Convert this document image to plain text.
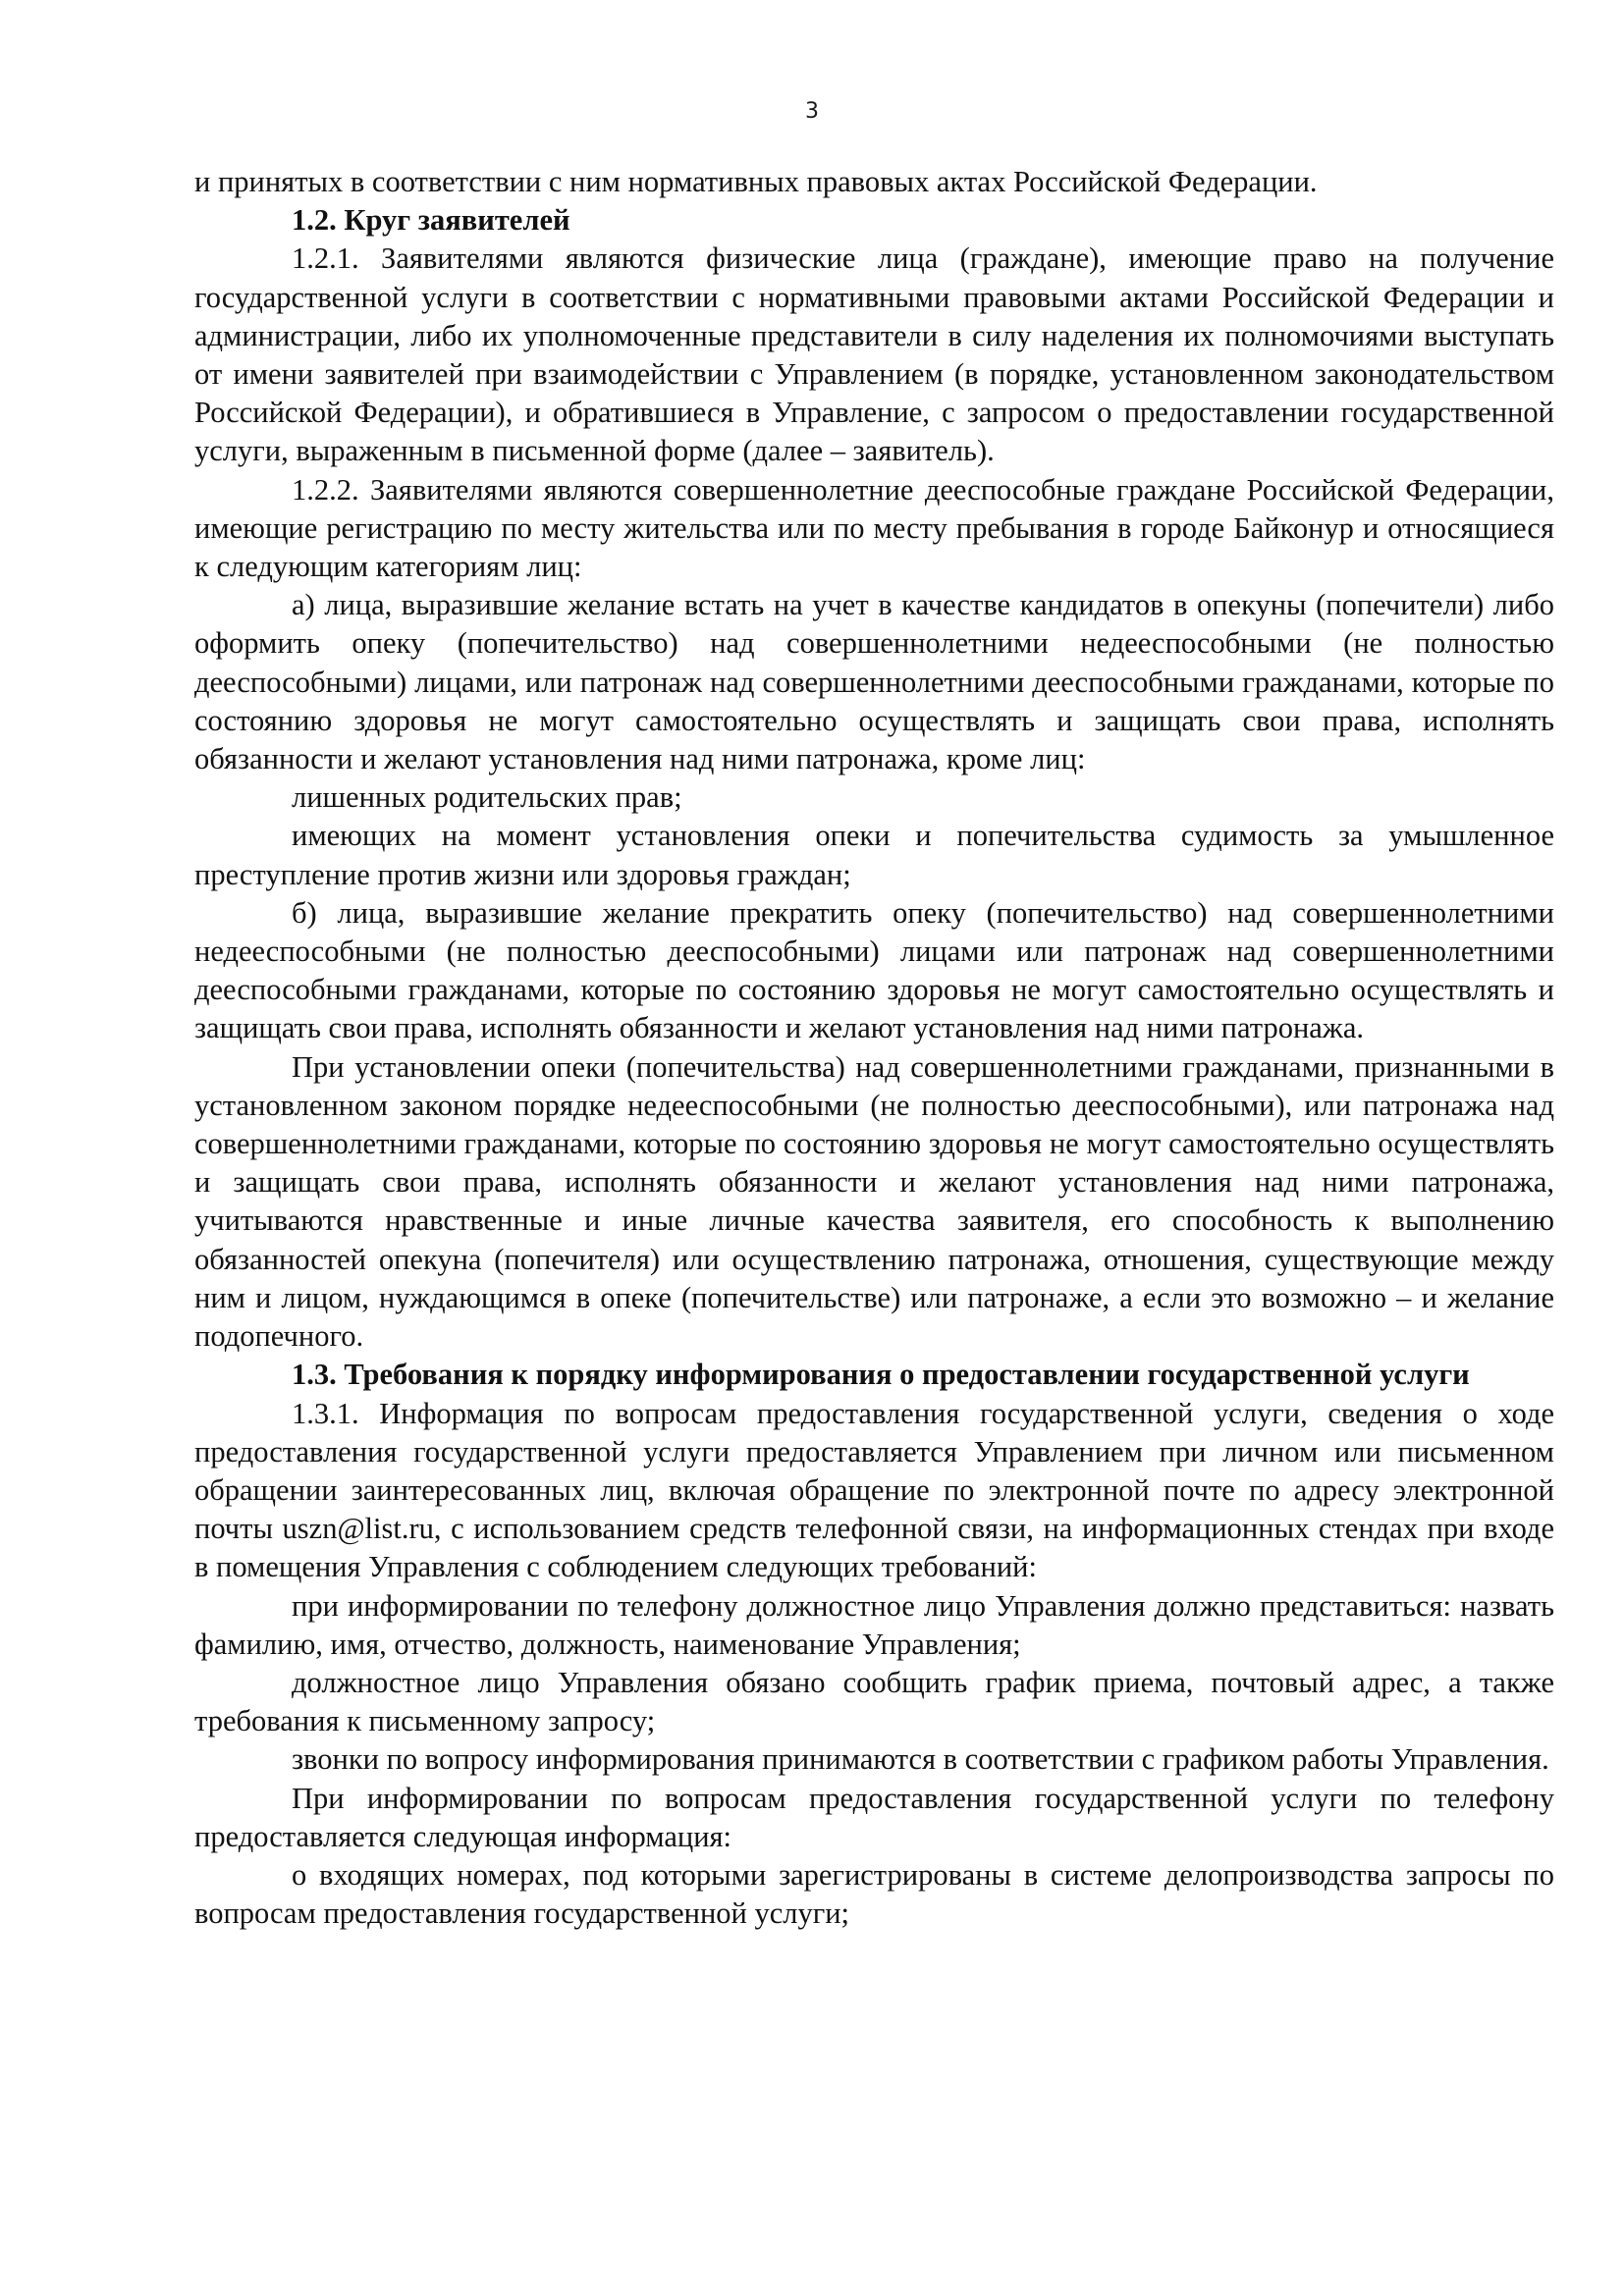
3

и принятых в соответствии с ним нормативных правовых актах Российской Федерации.

1.2. Круг заявителей

1.2.1. Заявителями являются физические лица (граждане), имеющие право на получение государственной услуги в соответствии с нормативными правовыми актами Российской Федерации и администрации, либо их уполномоченные представители в силу наделения их полномочиями выступать от имени заявителей при взаимодействии с Управлением (в порядке, установленном законодательством Российской Федерации), и обратившиеся в Управление, с запросом о предоставлении государственной услуги, выраженным в письменной форме (далее – заявитель).

1.2.2. Заявителями являются совершеннолетние дееспособные граждане Российской Федерации, имеющие регистрацию по месту жительства или по месту пребывания в городе Байконур и относящиеся к следующим категориям лиц:

а) лица, выразившие желание встать на учет в качестве кандидатов в опекуны (попечители) либо оформить опеку (попечительство) над совершеннолетними недееспособными (не полностью дееспособными) лицами, или патронаж над совершеннолетними дееспособными гражданами, которые по состоянию здоровья не могут самостоятельно осуществлять и защищать свои права, исполнять обязанности и желают установления над ними патронажа, кроме лиц:

лишенных родительских прав;

имеющих на момент установления опеки и попечительства судимость за умышленное преступление против жизни или здоровья граждан;

б) лица, выразившие желание прекратить опеку (попечительство) над совершеннолетними недееспособными (не полностью дееспособными) лицами или патронаж над совершеннолетними дееспособными гражданами, которые по состоянию здоровья не могут самостоятельно осуществлять и защищать свои права, исполнять обязанности и желают установления над ними патронажа.

При установлении опеки (попечительства) над совершеннолетними гражданами, признанными в установленном законом порядке недееспособными (не полностью дееспособными), или патронажа над совершеннолетними гражданами, которые по состоянию здоровья не могут самостоятельно осуществлять и защищать свои права, исполнять обязанности и желают установления над ними патронажа, учитываются нравственные и иные личные качества заявителя, его способность к выполнению обязанностей опекуна (попечителя) или осуществлению патронажа, отношения, существующие между ним и лицом, нуждающимся в опеке (попечительстве) или патронаже, а если это возможно – и желание подопечного.

1.3. Требования к порядку информирования о предоставлении государственной услуги

1.3.1. Информация по вопросам предоставления государственной услуги, сведения о ходе предоставления государственной услуги предоставляется Управлением при личном или письменном обращении заинтересованных лиц, включая обращение по электронной почте по адресу электронной почты uszn@list.ru, с использованием средств телефонной связи, на информационных стендах при входе в помещения Управления с соблюдением следующих требований:

при информировании по телефону должностное лицо Управления должно представиться: назвать фамилию, имя, отчество, должность, наименование Управления;

должностное лицо Управления обязано сообщить график приема, почтовый адрес, а также требования к письменному запросу;

звонки по вопросу информирования принимаются в соответствии с графиком работы Управления.

При информировании по вопросам предоставления государственной услуги по телефону предоставляется следующая информация:

о входящих номерах, под которыми зарегистрированы в системе делопроизводства запросы по вопросам предоставления государственной услуги;
